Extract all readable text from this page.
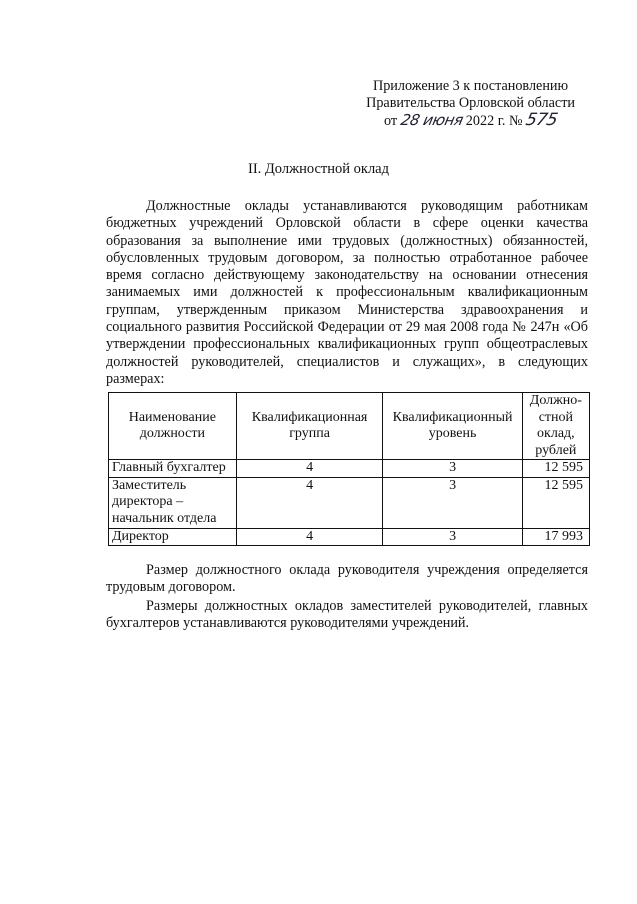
Приложение 3 к постановлению
Правительства Орловской области
от 28 июня 2022 г. № 575
II. Должностной оклад

Должностные оклады устанавливаются руководящим работникам бюджетных учреждений Орловской области в сфере оценки качества образования за выполнение ими трудовых (должностных) обязанностей, обусловленных трудовым договором, за полностью отработанное рабочее время согласно действующему законодательству на основании отнесения занимаемых ими должностей к профессиональным квалификационным группам, утвержденным приказом Министерства здравоохранения и социального развития Российской Федерации от 29 мая 2008 года № 247н «Об утверждении профессиональных квалификационных групп общеотраслевых должностей руководителей, специалистов и служащих», в следующих размерах:

Наименование должности	Квалификационная группа	Квалификационный уровень	Должно-стной оклад, рублей
Главный бухгалтер	4	3	12 595
Заместитель директора – начальник отдела	4	3	12 595
Директор	4	3	17 993

Размер должностного оклада руководителя учреждения определяется трудовым договором.

Размеры должностных окладов заместителей руководителей, главных бухгалтеров устанавливаются руководителями учреждений.
